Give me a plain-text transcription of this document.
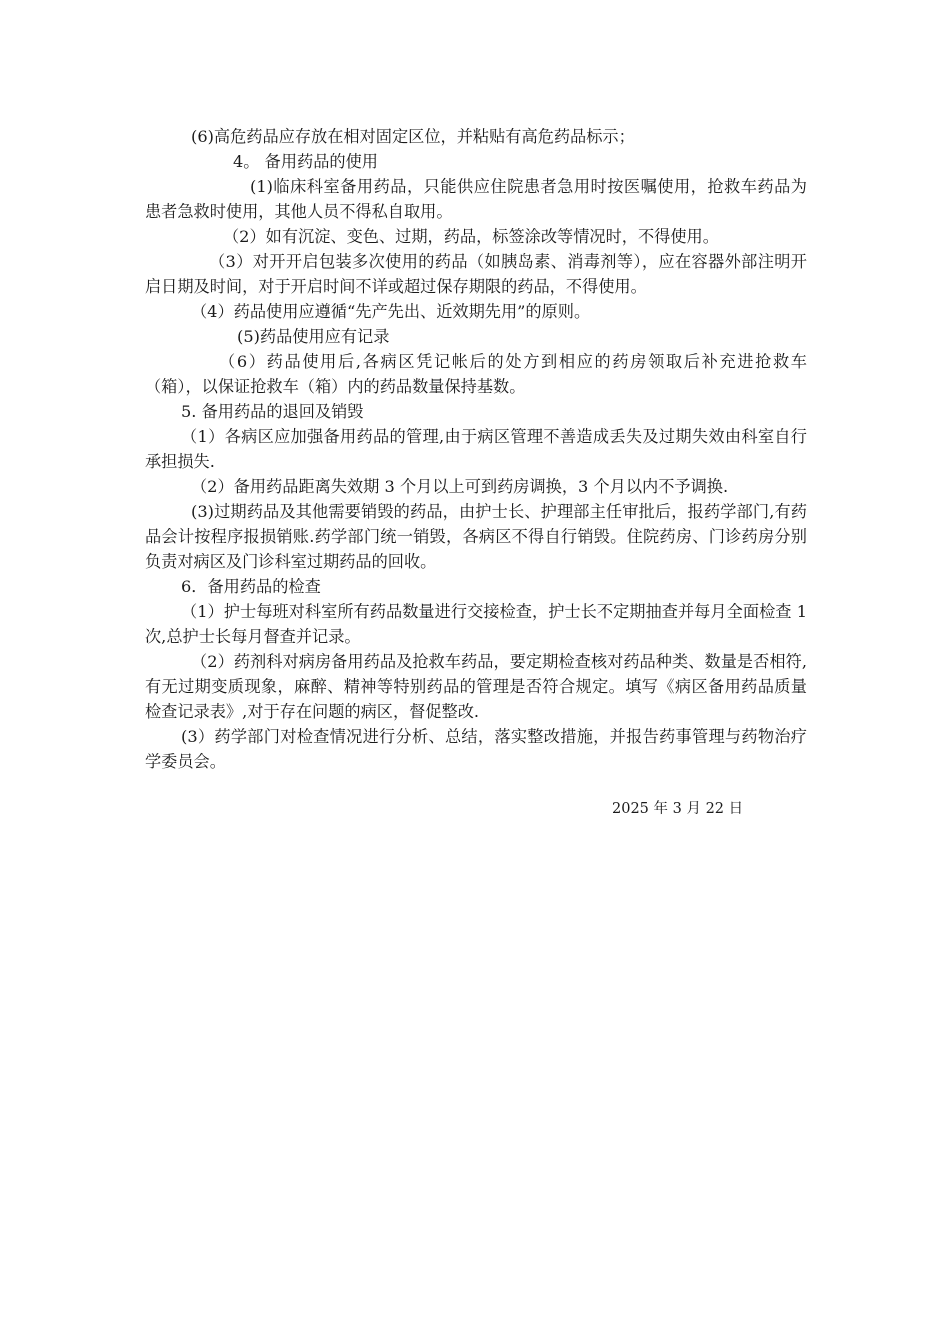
(6)高危药品应存放在相对固定区位，并粘贴有高危药品标示；

4。 备用药品的使用

(1)临床科室备用药品，只能供应住院患者急用时按医嘱使用，抢救车药品为患者急救时使用，其他人员不得私自取用。

（2）如有沉淀、变色、过期，药品，标签涂改等情况时，不得使用。

（3）对开开启包装多次使用的药品（如胰岛素、消毒剂等），应在容器外部注明开启日期及时间，对于开启时间不详或超过保存期限的药品，不得使用。

（4）药品使用应遵循“先产先出、近效期先用”的原则。

(5)药品使用应有记录

（6）药品使用后,各病区凭记帐后的处方到相应的药房领取后补充进抢救车（箱），以保证抢救车（箱）内的药品数量保持基数。

5. 备用药品的退回及销毁

（1）各病区应加强备用药品的管理,由于病区管理不善造成丢失及过期失效由科室自行承担损失.

（2）备用药品距离失效期 3 个月以上可到药房调换，3 个月以内不予调换.

(3)过期药品及其他需要销毁的药品，由护士长、护理部主任审批后，报药学部门,有药品会计按程序报损销账.药学部门统一销毁，各病区不得自行销毁。住院药房、门诊药房分别负责对病区及门诊科室过期药品的回收。

6．备用药品的检查

（1）护士每班对科室所有药品数量进行交接检查，护士长不定期抽查并每月全面检查 1 次,总护士长每月督查并记录。

（2）药剂科对病房备用药品及抢救车药品，要定期检查核对药品种类、数量是否相符,有无过期变质现象，麻醉、精神等特别药品的管理是否符合规定。填写《病区备用药品质量检查记录表》,对于存在问题的病区，督促整改.

(3）药学部门对检查情况进行分析、总结，落实整改措施，并报告药事管理与药物治疗学委员会。

2025 年 3 月 22 日
